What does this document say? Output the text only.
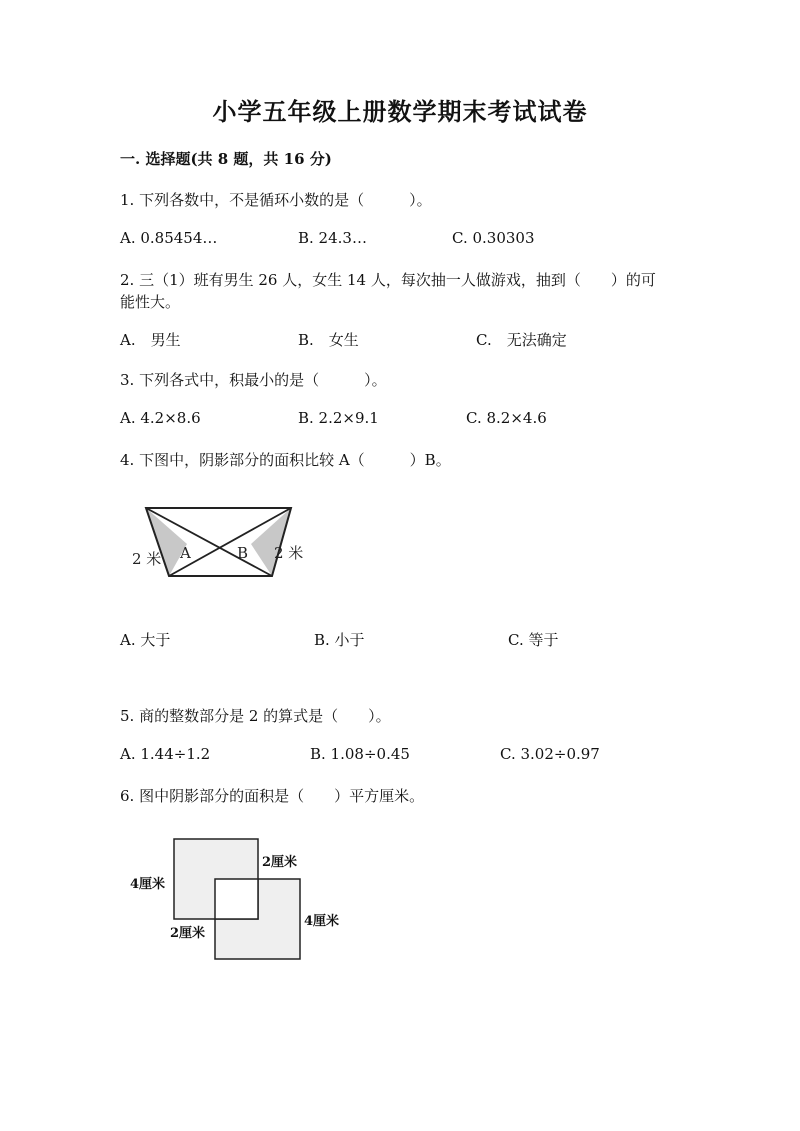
小学五年级上册数学期末考试试卷
一. 选择题(共 8 题，共 16 分)
1. 下列各数中，不是循环小数的是（　　　）。
A. 0.85454…	B. 24.3…	C. 0.30303
2. 三（1）班有男生 26 人，女生 14 人，每次抽一人做游戏，抽到（　　）的可
能性大。
A.　男生	B.　女生	C.　无法确定
3. 下列各式中，积最小的是（　　　）。
A. 4.2×8.6	B. 2.2×9.1	C. 8.2×4.6
4. 下图中，阴影部分的面积比较 A（　　　）B。
A	B
2 米	2 米
A. 大于	B. 小于	C. 等于
5. 商的整数部分是 2 的算式是（　　）。
A. 1.44÷1.2	B. 1.08÷0.45	C. 3.02÷0.97
6. 图中阴影部分的面积是（　　）平方厘米。
4厘米
2厘米
2厘米
4厘米
